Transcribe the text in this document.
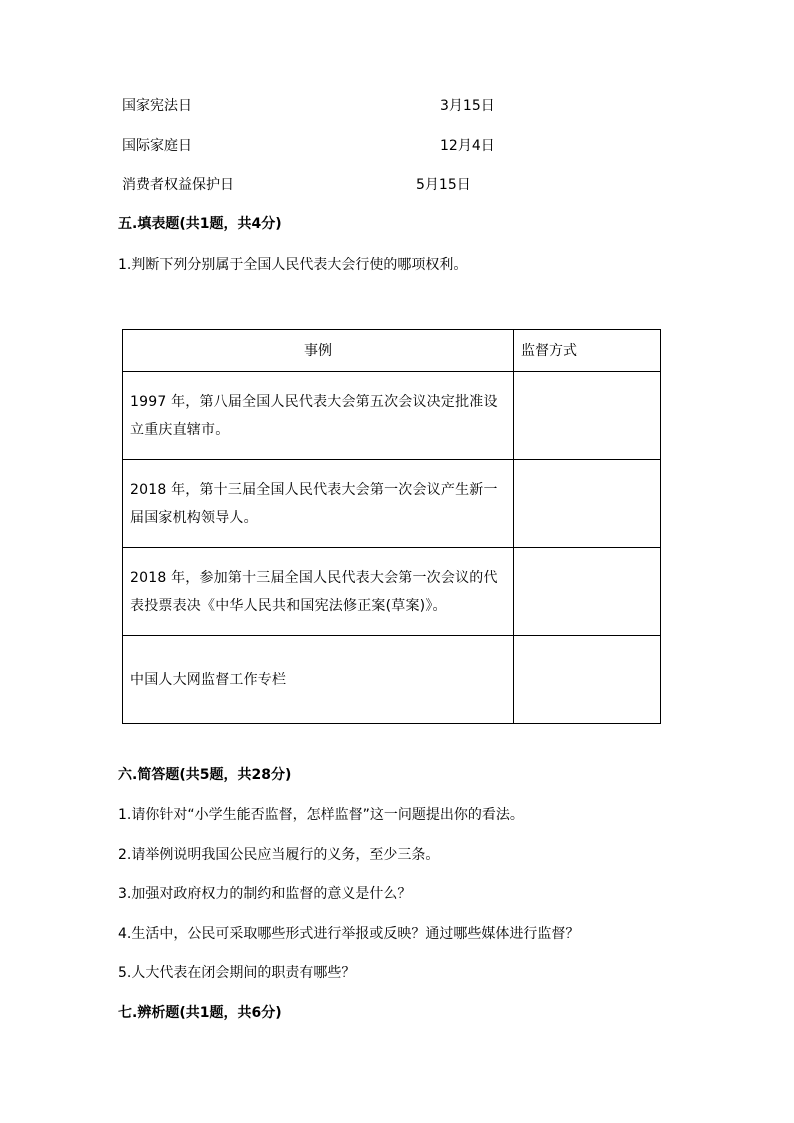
国家宪法日	3月15日
国际家庭日	12月4日
消费者权益保护日	5月15日
五.填表题(共1题，共4分)
1.判断下列分别属于全国人民代表大会行使的哪项权利。
事例	监督方式
1997 年，第八届全国人民代表大会第五次会议决定批准设立重庆直辖市。	
2018 年，第十三届全国人民代表大会第一次会议产生新一届国家机构领导人。	
2018 年，参加第十三届全国人民代表大会第一次会议的代表投票表决《中华人民共和国宪法修正案(草案)》。	
中国人大网监督工作专栏	
六.简答题(共5题，共28分)
1.请你针对“小学生能否监督，怎样监督”这一问题提出你的看法。
2.请举例说明我国公民应当履行的义务，至少三条。
3.加强对政府权力的制约和监督的意义是什么？
4.生活中，公民可采取哪些形式进行举报或反映？通过哪些媒体进行监督？
5.人大代表在闭会期间的职责有哪些？
七.辨析题(共1题，共6分)
